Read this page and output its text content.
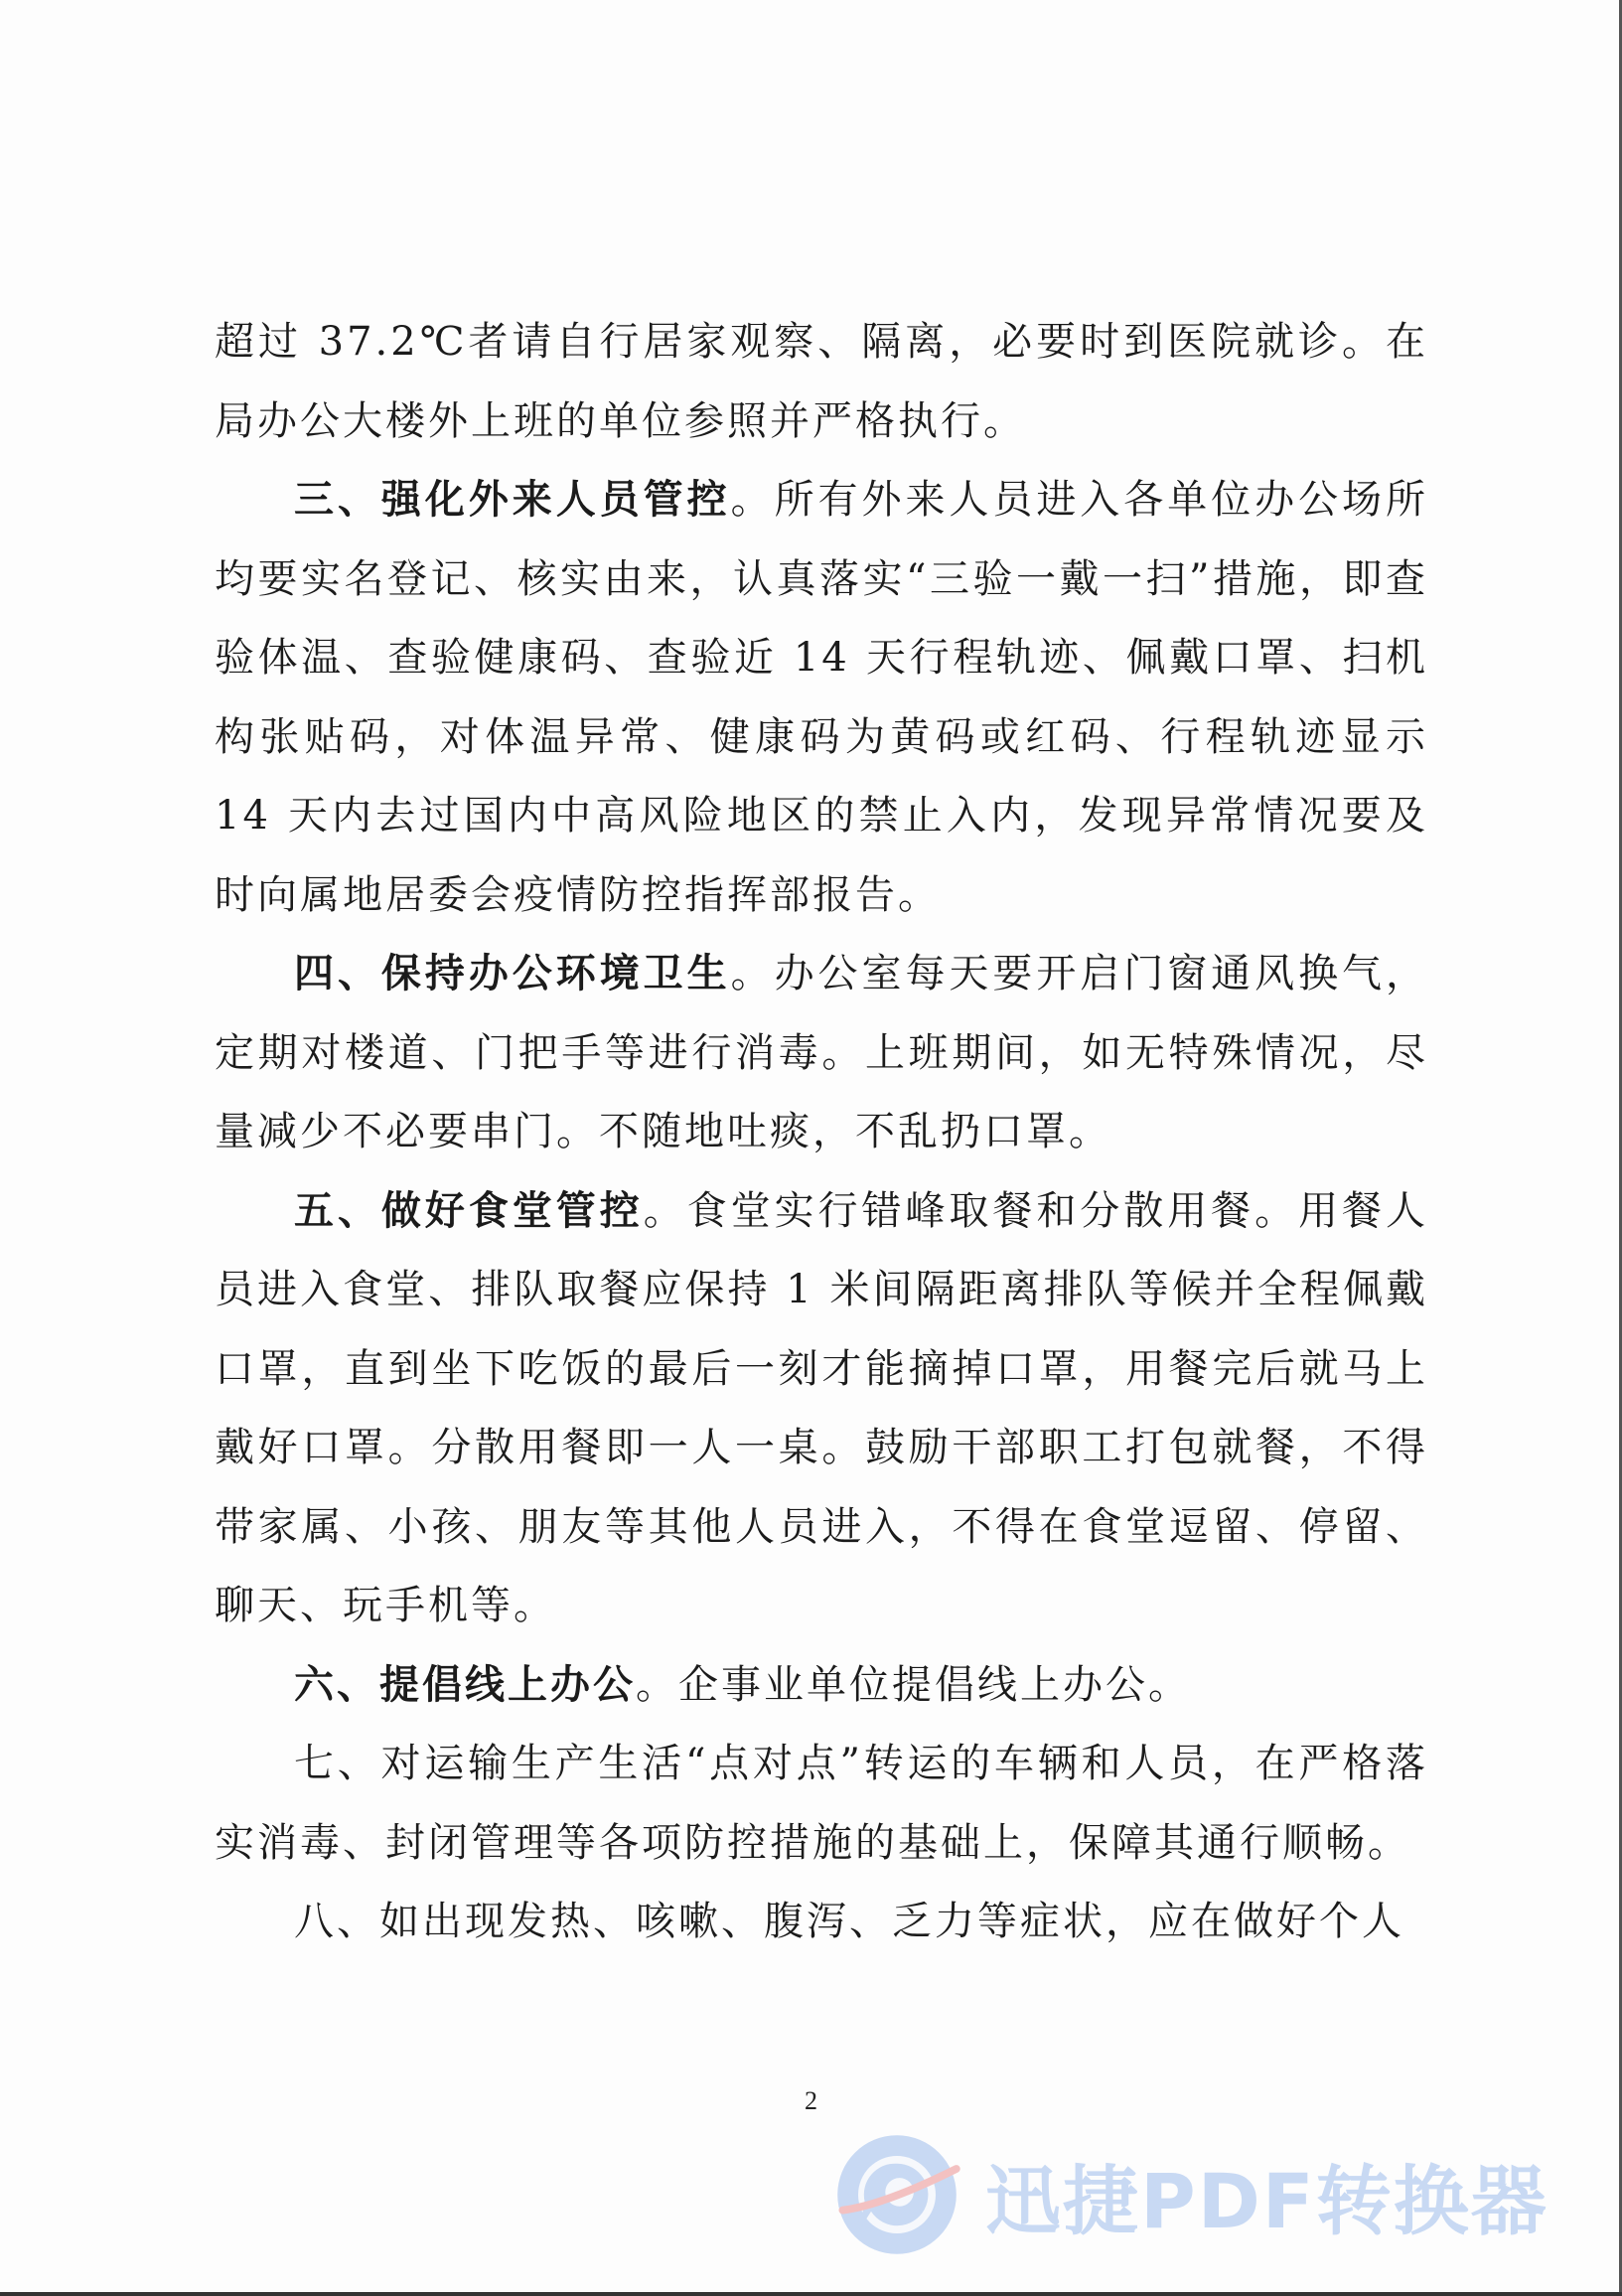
超过 37.2℃者请自行居家观察、隔离，必要时到医院就诊。在局办公大楼外上班的单位参照并严格执行。

三、强化外来人员管控。所有外来人员进入各单位办公场所均要实名登记、核实由来，认真落实“三验一戴一扫”措施，即查验体温、查验健康码、查验近 14 天行程轨迹、佩戴口罩、扫机构张贴码，对体温异常、健康码为黄码或红码、行程轨迹显示 14 天内去过国内中高风险地区的禁止入内，发现异常情况要及时向属地居委会疫情防控指挥部报告。

四、保持办公环境卫生。办公室每天要开启门窗通风换气，定期对楼道、门把手等进行消毒。上班期间，如无特殊情况，尽量减少不必要串门。不随地吐痰，不乱扔口罩。

五、做好食堂管控。食堂实行错峰取餐和分散用餐。用餐人员进入食堂、排队取餐应保持 1 米间隔距离排队等候并全程佩戴口罩，直到坐下吃饭的最后一刻才能摘掉口罩，用餐完后就马上戴好口罩。分散用餐即一人一桌。鼓励干部职工打包就餐，不得带家属、小孩、朋友等其他人员进入，不得在食堂逗留、停留、聊天、玩手机等。

六、提倡线上办公。企事业单位提倡线上办公。

七、对运输生产生活“点对点”转运的车辆和人员，在严格落实消毒、封闭管理等各项防控措施的基础上，保障其通行顺畅。

八、如出现发热、咳嗽、腹泻、乏力等症状，应在做好个人

2
迅捷PDF转换器
